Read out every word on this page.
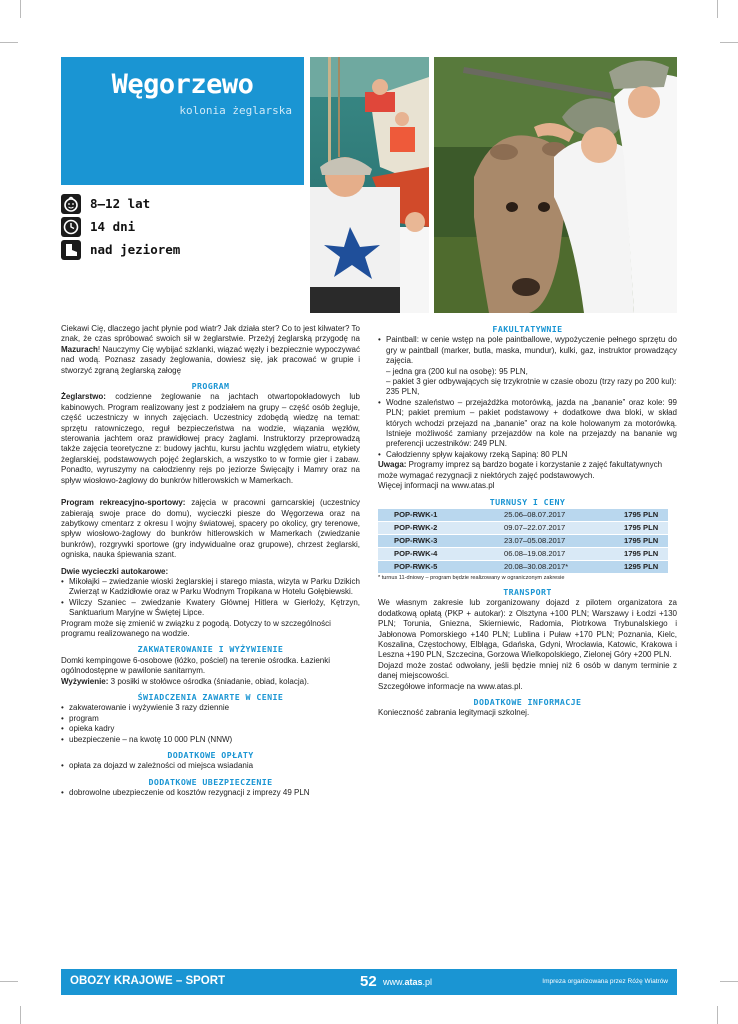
Węgorzewo
kolonia żeglarska
8–12 lat
14 dni
nad jeziorem

Ciekawi Cię, dlaczego jacht płynie pod wiatr? Jak działa ster? Co to jest kilwater? To znak, że czas spróbować swoich sił w żeglarstwie. Przeżyj żeglarską przygodę na Mazurach! Nauczymy Cię wybijać szklanki, wiązać węzły i bezpiecznie wypoczywać nad wodą. Poznasz zasady żeglowania, dowiesz się, jak pracować w grupie i stworzyć zgraną żeglarską załogę

PROGRAM

Żeglarstwo: codzienne żeglowanie na jachtach otwartopokładowych lub kabinowych. Program realizowany jest z podziałem na grupy – część osób żegluje, część uczestniczy w innych zajęciach. Uczestnicy zdobędą wiedzę na temat: sprzętu ratowniczego, reguł bezpieczeństwa na wodzie, wiązania węzłów, sterowania jachtem oraz prawidłowej pracy żaglami. Instruktorzy przeprowadzą także zajęcia teoretyczne z: budowy jachtu, kursu jachtu względem wiatru, etykiety żeglarskiej, podstawowych pojęć żeglarskich, a wszystko to w formie gier i zabaw. Ponadto, wyruszymy na całodzienny rejs po jeziorze Święcajty i Mamry oraz na spływ wiosłowo-żaglowy do bunkrów hitlerowskich w Mamerkach.

Program rekreacyjno-sportowy: zajęcia w pracowni garncarskiej (uczestnicy zabierają swoje prace do domu), wycieczki piesze do Węgorzewa oraz na zabytkowy cmentarz z okresu I wojny światowej, spacery po okolicy, gry terenowe, spływ wiosłowo-żaglowy do bunkrów hitlerowskich w Mamerkach (zwiedzanie bunkrów), rozgrywki sportowe (gry indywidualne oraz grupowe), chrzest żeglarski, ogniska, nauka śpiewania szant.

Dwie wycieczki autokarowe:

• Mikołajki – zwiedzanie wioski żeglarskiej i starego miasta, wizyta w Parku Dzikich Zwierząt w Kadzidłowie oraz w Parku Wodnym Tropikana w Hotelu Gołębiewski.

• Wilczy Szaniec – zwiedzanie Kwatery Głównej Hitlera w Gierłoży, Kętrzyn, Sanktuarium Maryjne w Świętej Lipce.

Program może się zmienić w związku z pogodą. Dotyczy to w szczególności programu realizowanego na wodzie.

ZAKWATEROWANIE I WYŻYWIENIE

Domki kempingowe 6-osobowe (łóżko, pościel) na terenie ośrodka. Łazienki ogólnodostępne w pawilonie sanitarnym.

Wyżywienie: 3 posiłki w stołówce ośrodka (śniadanie, obiad, kolacja).

ŚWIADCZENIA ZAWARTE W CENIE

• zakwaterowanie i wyżywienie 3 razy dziennie

• program

• opieka kadry

• ubezpieczenie – na kwotę 10 000 PLN (NNW)

DODATKOWE OPŁATY

• opłata za dojazd w zależności od miejsca wsiadania

DODATKOWE UBEZPIECZENIE

• dobrowolne ubezpieczenie od kosztów rezygnacji z imprezy 49 PLN

FAKULTATYWNIE

• Paintball: w cenie wstęp na pole paintballowe, wypożyczenie pełnego sprzętu do gry w paintball (marker, butla, maska, mundur), kulki, gaz, instruktor prowadzący zajęcia.

– jedna gra (200 kul na osobę): 95 PLN,

– pakiet 3 gier odbywających się trzykrotnie w czasie obozu (trzy razy po 200 kul): 235 PLN,

• Wodne szaleństwo – przejażdżka motorówką, jazda na „bananie” oraz kole: 99 PLN; pakiet premium – pakiet podstawowy + dodatkowe dwa bloki, w skład których wchodzi przejazd na „bananie” oraz na kole holowanym za motorówką. Istnieje możliwość zamiany przejazdów na kole na przejazdy na bananie wg preferencji uczestników: 249 PLN.

• Całodzienny spływ kajakowy rzeką Sapiną: 80 PLN

Uwaga: Programy imprez są bardzo bogate i korzystanie z zajęć fakultatywnych może wymagać rezygnacji z niektórych zajęć podstawowych.

Więcej informacji na www.atas.pl

TURNUSY I CENY
POP-RWK-1	25.06–08.07.2017	1795 PLN
POP-RWK-2	09.07–22.07.2017	1795 PLN
POP-RWK-3	23.07–05.08.2017	1795 PLN
POP-RWK-4	06.08–19.08.2017	1795 PLN
POP-RWK-5	20.08–30.08.2017*	1295 PLN

* turnus 11-dniowy – program będzie realizowany w ograniczonym zakresie

TRANSPORT

We własnym zakresie lub zorganizowany dojazd z pilotem organizatora za dodatkową opłatą (PKP + autokar): z Olsztyna +100 PLN; Warszawy i Łodzi +130 PLN; Torunia, Gniezna, Skierniewic, Radomia, Piotrkowa Trybunalskiego i Jabłonowa Pomorskiego +140 PLN; Lublina i Puław +170 PLN; Poznania, Kielc, Koszalina, Częstochowy, Elbląga, Gdańska, Gdyni, Wrocławia, Katowic, Krakowa i Leszna +190 PLN, Szczecina, Gorzowa Wielkopolskiego, Zielonej Góry +200 PLN.

Dojazd może zostać odwołany, jeśli będzie mniej niż 6 osób w danym terminie z danej miejscowości.

Szczegółowe informacje na www.atas.pl.

DODATKOWE INFORMACJE

Konieczność zabrania legitymacji szkolnej.

OBOZY KRAJOWE – SPORT	52 www.atas.pl	Impreza organizowana przez Różę Wiatrów
